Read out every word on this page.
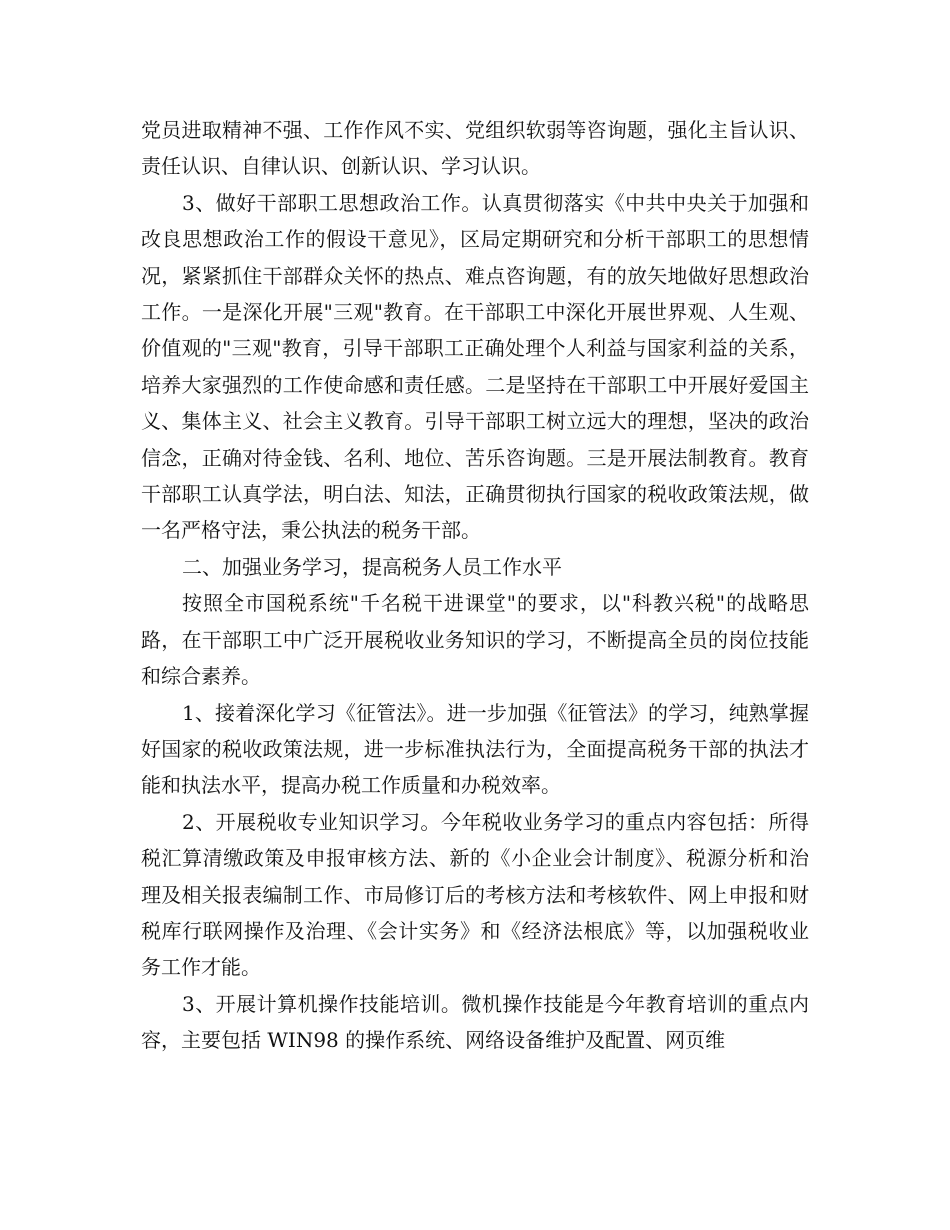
党员进取精神不强、工作作风不实、党组织软弱等咨询题，强化主旨认识、责任认识、自律认识、创新认识、学习认识。

3、做好干部职工思想政治工作。认真贯彻落实《中共中央关于加强和改良思想政治工作的假设干意见》，区局定期研究和分析干部职工的思想情况，紧紧抓住干部群众关怀的热点、难点咨询题，有的放矢地做好思想政治工作。一是深化开展"三观"教育。在干部职工中深化开展世界观、人生观、价值观的"三观"教育，引导干部职工正确处理个人利益与国家利益的关系，培养大家强烈的工作使命感和责任感。二是坚持在干部职工中开展好爱国主义、集体主义、社会主义教育。引导干部职工树立远大的理想，坚决的政治信念，正确对待金钱、名利、地位、苦乐咨询题。三是开展法制教育。教育干部职工认真学法，明白法、知法，正确贯彻执行国家的税收政策法规，做一名严格守法，秉公执法的税务干部。

二、加强业务学习，提高税务人员工作水平

按照全市国税系统"千名税干进课堂"的要求，以"科教兴税"的战略思路，在干部职工中广泛开展税收业务知识的学习，不断提高全员的岗位技能和综合素养。

1、接着深化学习《征管法》。进一步加强《征管法》的学习，纯熟掌握好国家的税收政策法规，进一步标准执法行为，全面提高税务干部的执法才能和执法水平，提高办税工作质量和办税效率。

2、开展税收专业知识学习。今年税收业务学习的重点内容包括：所得税汇算清缴政策及申报审核方法、新的《小企业会计制度》、税源分析和治理及相关报表编制工作、市局修订后的考核方法和考核软件、网上申报和财税库行联网操作及治理、《会计实务》和《经济法根底》等，以加强税收业务工作才能。

3、开展计算机操作技能培训。微机操作技能是今年教育培训的重点内容，主要包括 WIN98 的操作系统、网络设备维护及配置、网页维
